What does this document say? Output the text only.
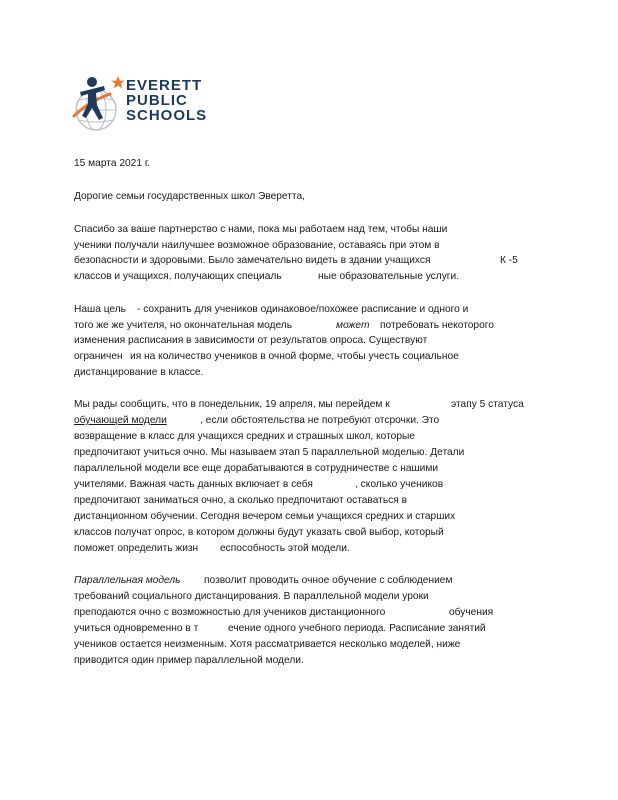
EVERETT
PUBLIC
SCHOOLS
15 марта 2021 г.
Дорогие семьи государственных школ Эверетта,
Спасибо за ваше партнерство с нами, пока мы работаем над тем, чтобы наши
ученики получали наилучшее возможное образование, оставаясь при этом в
безопасности и здоровыми. Было замечательно видеть в здании учащихся	К -5
классов и учащихся, получающих специаль	ные образовательные услуги.
Наша цель - сохранить для учеников одинаковое/похожее расписание и одного и
того же же учителя, но окончательная модель	может потребовать некоторого
изменения расписания в зависимости от результатов опроса. Существуют
ограничен ия на количество учеников в очной форме, чтобы учесть социальное
дистанцирование в классе.
Мы рады сообщить, что в понедельник, 19 апреля, мы перейдем к	этапу 5 статуса
обучающей модели
	, если обстоятельства не потребуют отсрочки. Это
возвращение в класс для учащихся средних и страшных школ, которые
предпочитают учиться очно. Мы называем этап 5 параллельной моделью. Детали
параллельной модели все еще дорабатываются в сотрудничестве с нашими
учителями. Важная часть данных включает в себя	, сколько учеников
предпочитают заниматься очно, а сколько предпочитают оставаться в
дистанционном обучении. Сегодня вечером семьи учащихся средних и старших
классов получат опрос, в котором должны будут указать свой выбор, который
поможет определить жизн еспособность этой модели.
Параллельная модель позволит проводить очное обучение с соблюдением
требований социального дистанцирования. В параллельной модели уроки
преподаются очно с возможностью для учеников дистанционного	обучения
учиться одновременно в т	ечение одного учебного периода. Расписание занятий
учеников остается неизменным. Хотя рассматривается несколько моделей, ниже
приводится один пример параллельной модели.
